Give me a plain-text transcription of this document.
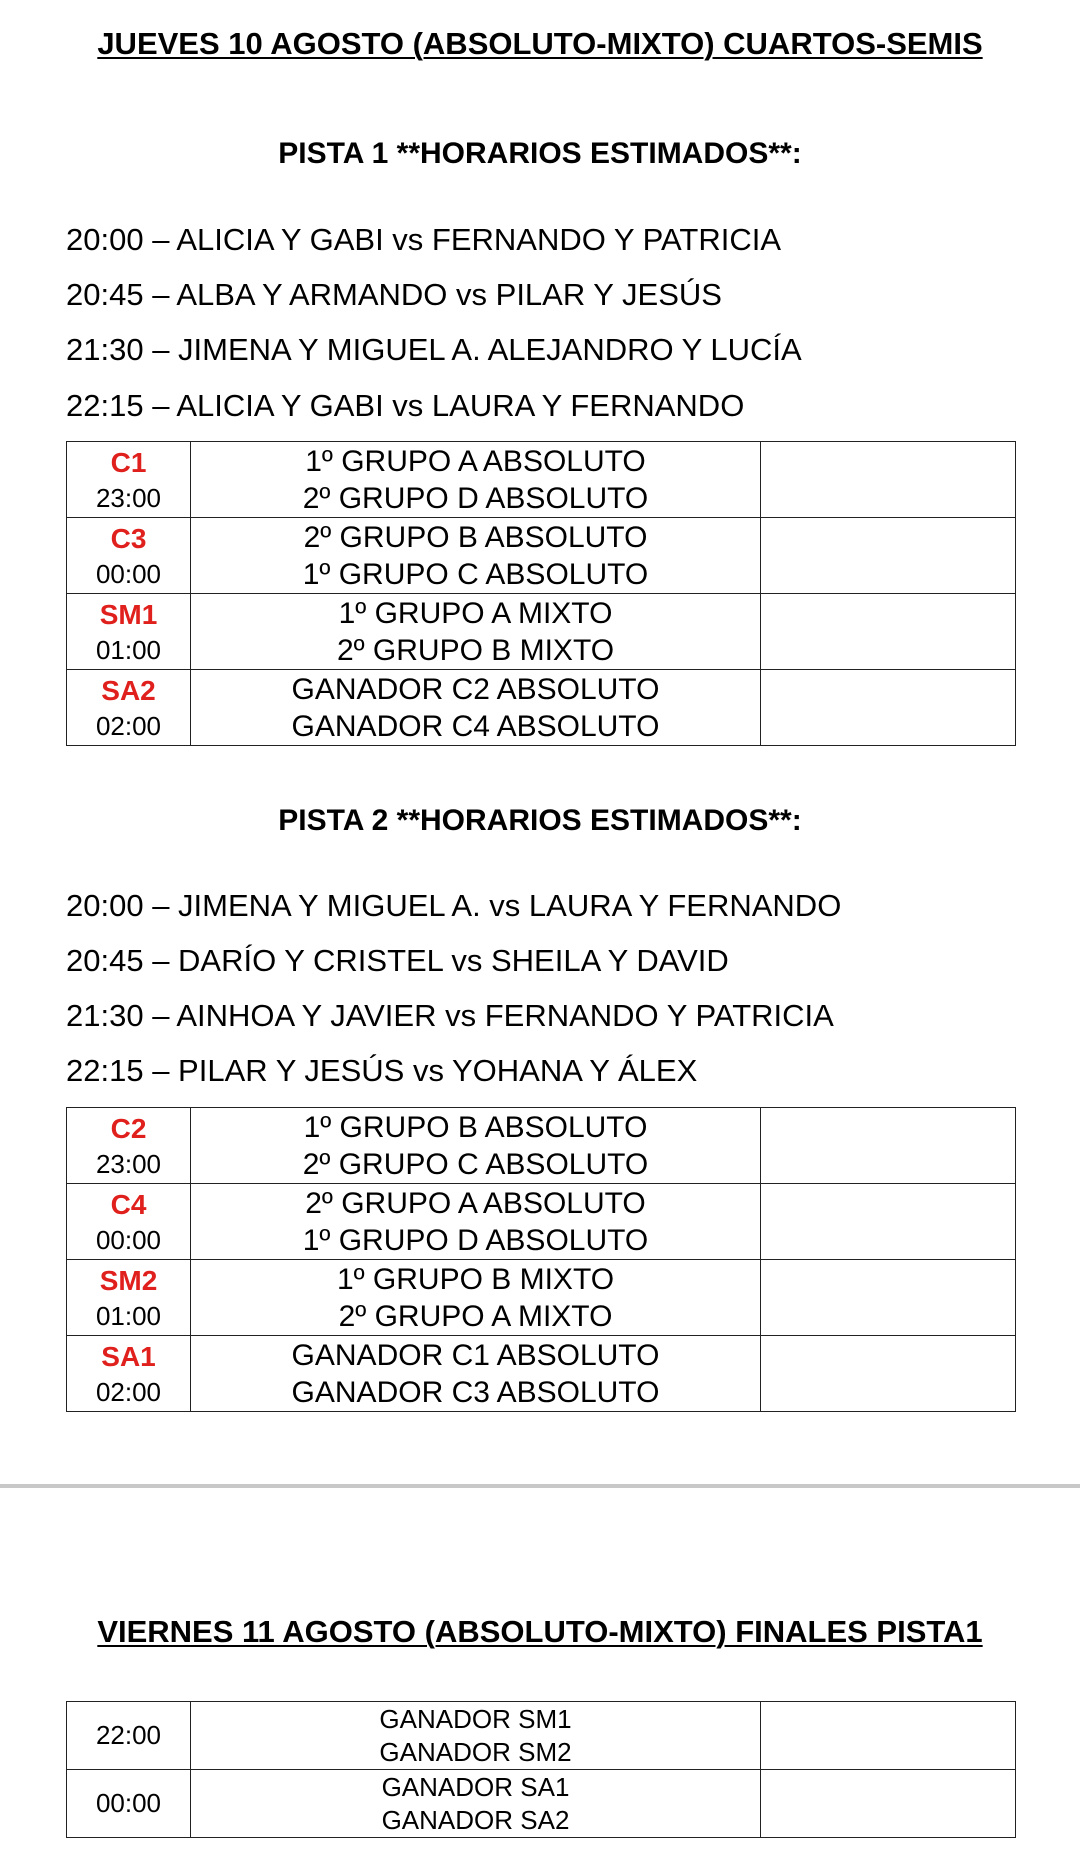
JUEVES 10 AGOSTO (ABSOLUTO-MIXTO) CUARTOS-SEMIS
PISTA 1 **HORARIOS ESTIMADOS**:
20:00 – ALICIA Y GABI vs FERNANDO Y PATRICIA
20:45 – ALBA Y ARMANDO vs PILAR Y JESÚS
21:30 – JIMENA Y MIGUEL A. ALEJANDRO Y LUCÍA
22:15 – ALICIA Y GABI vs LAURA Y FERNANDO
C1
23:00	1º GRUPO A ABSOLUTO
2º GRUPO D ABSOLUTO	

C3
00:00	2º GRUPO B ABSOLUTO
1º GRUPO C ABSOLUTO	

SM1
01:00	1º GRUPO A MIXTO
2º GRUPO B MIXTO	

SA2
02:00	GANADOR C2 ABSOLUTO
GANADOR C4 ABSOLUTO	

PISTA 2 **HORARIOS ESTIMADOS**:
20:00 – JIMENA Y MIGUEL A. vs LAURA Y FERNANDO
20:45 – DARÍO Y CRISTEL vs SHEILA Y DAVID
21:30 – AINHOA Y JAVIER vs FERNANDO Y PATRICIA
22:15 – PILAR Y JESÚS vs YOHANA Y ÁLEX
C2
23:00	1º GRUPO B ABSOLUTO
2º GRUPO C ABSOLUTO	

C4
00:00	2º GRUPO A ABSOLUTO
1º GRUPO D ABSOLUTO	

SM2
01:00	1º GRUPO B MIXTO
2º GRUPO A MIXTO	

SA1
02:00	GANADOR C1 ABSOLUTO
GANADOR C3 ABSOLUTO	

VIERNES 11 AGOSTO (ABSOLUTO-MIXTO) FINALES PISTA1
22:00	GANADOR SM1
GANADOR SM2	

00:00	GANADOR SA1
GANADOR SA2	
